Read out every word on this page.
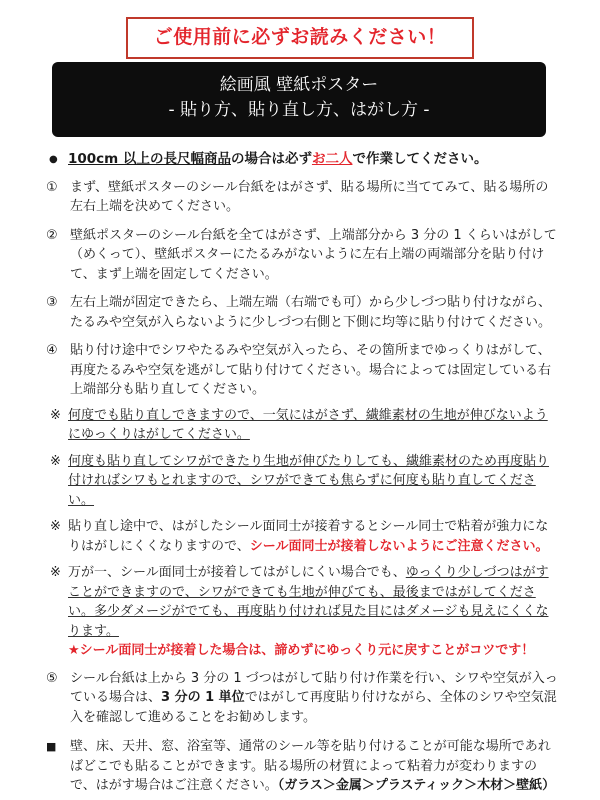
ご使用前に必ずお読みください！
絵画風 壁紙ポスター
- 貼り方、貼り直し方、はがし方 -
● 100cm 以上の長尺幅商品の場合は必ずお二人で作業してください。
① まず、壁紙ポスターのシール台紙をはがさず、貼る場所に当ててみて、貼る場所の左右上端を決めてください。
② 壁紙ポスターのシール台紙を全てはがさず、上端部分から 3 分の 1 くらいはがして（めくって）、壁紙ポスターにたるみがないように左右上端の両端部分を貼り付けて、まず上端を固定してください。
③ 左右上端が固定できたら、上端左端（右端でも可）から少しづつ貼り付けながら、たるみや空気が入らないように少しづつ右側と下側に均等に貼り付けてください。
④ 貼り付け途中でシワやたるみや空気が入ったら、その箇所までゆっくりはがして、再度たるみや空気を逃がして貼り付けてください。場合によっては固定している右上端部分も貼り直してください。
※ 何度でも貼り直しできますので、一気にはがさず、繊維素材の生地が伸びないようにゆっくりはがしてください。
※ 何度も貼り直してシワができたり生地が伸びたりしても、繊維素材のため再度貼り付ければシワもとれますので、シワができても焦らずに何度も貼り直してください。
※ 貼り直し途中で、はがしたシール面同士が接着するとシール同士で粘着が強力になりはがしにくくなりますので、シール面同士が接着しないようにご注意ください。
※ 万が一、シール面同士が接着してはがしにくい場合でも、ゆっくり少しづつはがすことができますので、シワができても生地が伸びても、最後まではがしてください。多少ダメージがでても、再度貼り付ければ見た目にはダメージも見えにくくなります。
★シール面同士が接着した場合は、諦めずにゆっくり元に戻すことがコツです！
⑤ シール台紙は上から 3 分の 1 づつはがして貼り付け作業を行い、シワや空気が入っている場合は、3 分の 1 単位ではがして再度貼り付けながら、全体のシワや空気混入を確認して進めることをお勧めします。
■	壁、床、天井、窓、浴室等、通常のシール等を貼り付けることが可能な場所であればどこでも貼ることができます。貼る場所の材質によって粘着力が変わりますので、はがす場合はご注意ください。（ガラス＞金属＞プラスティック＞木材＞壁紙）
